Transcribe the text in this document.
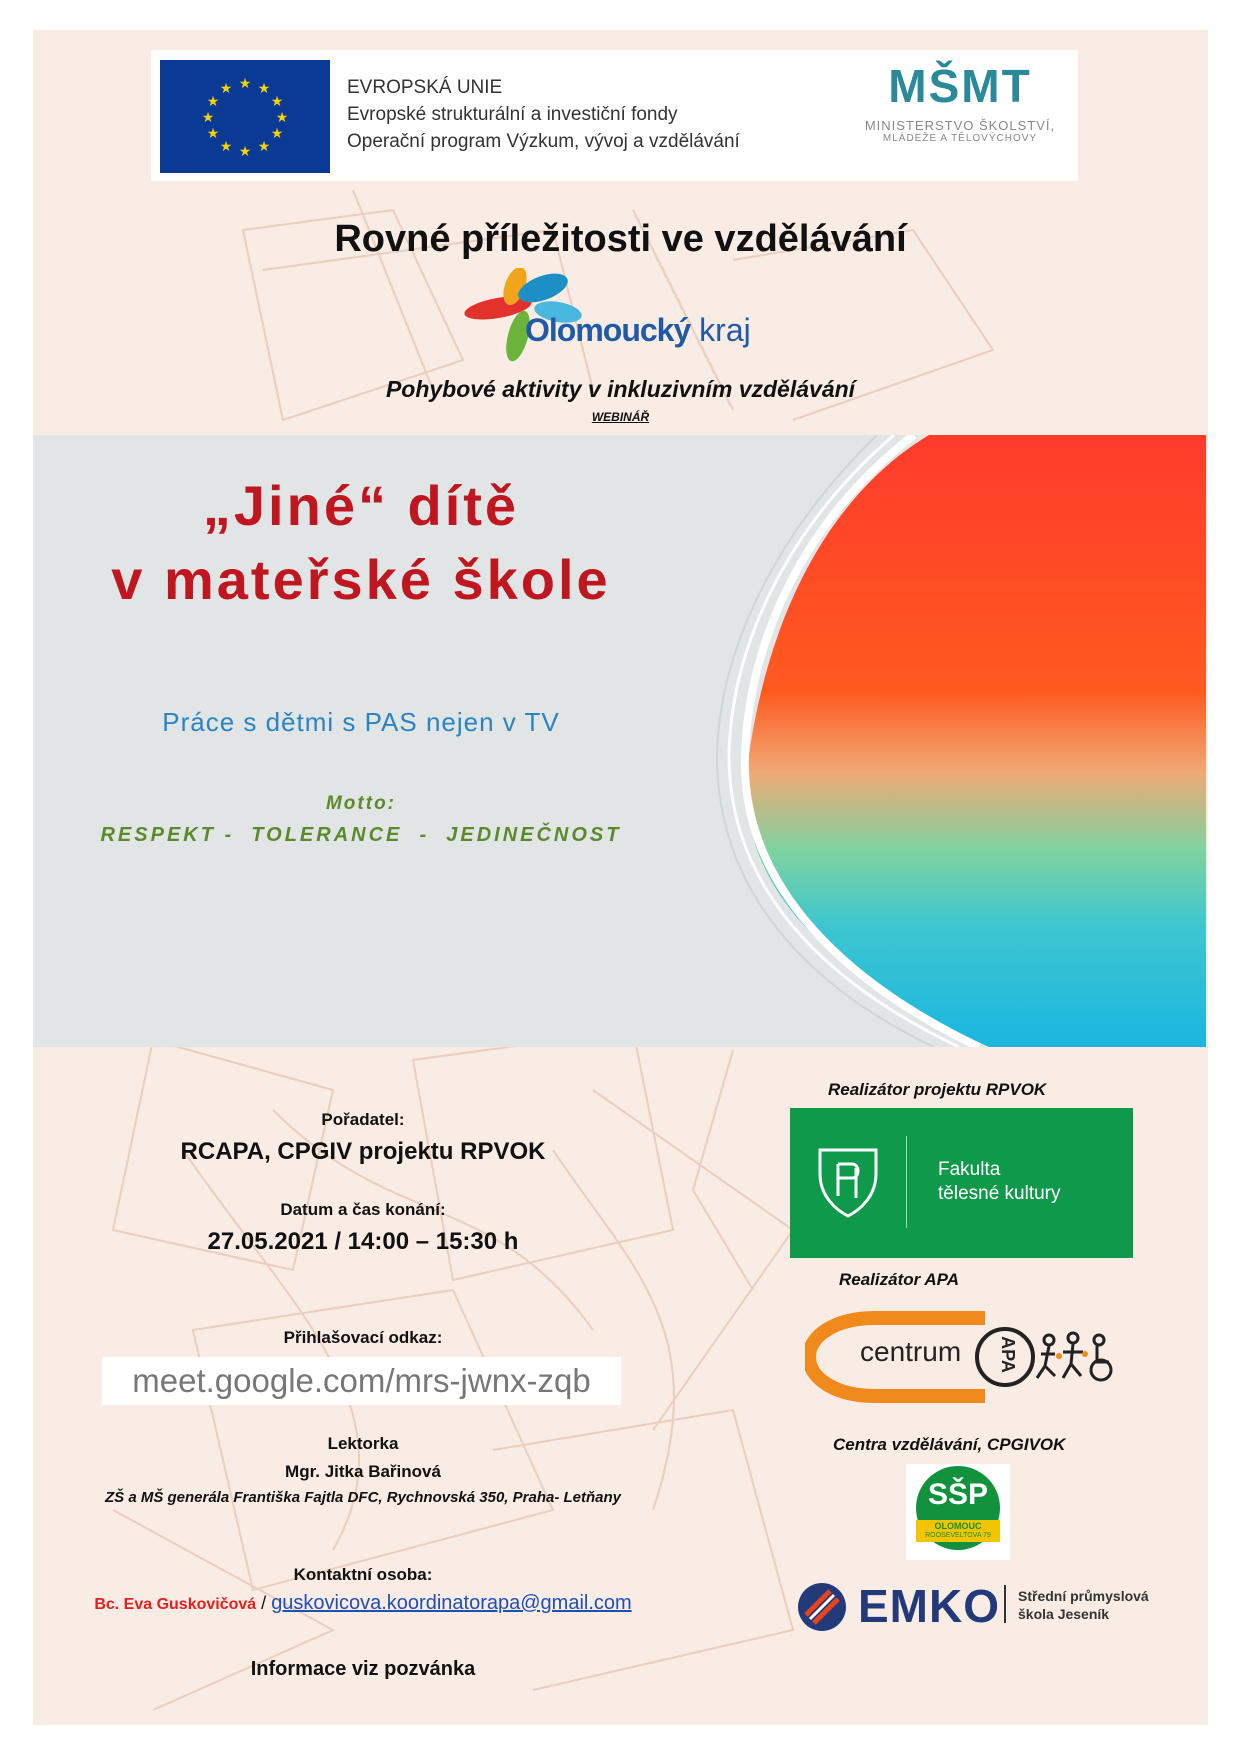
★ ★
★
★
★
★
★
★
★
★
★
★	EVROPSKÁ UNIE
Evropské strukturální a investiční fondy
Operační program Výzkum, vývoj a vzdělávání
MŠMT
MINISTERSTVO ŠKOLSTVÍ,
MLÁDEŽE A TĚLOVÝCHOVY
Rovné příležitosti ve vzdělávání
Olomoucký kraj
Pohybové aktivity v inkluzivním vzdělávání
WEBINÁŘ
„Jiné“ dítě
v mateřské škole
Práce s dětmi s PAS nejen v TV
Motto:
RESPEKT -  TOLERANCE  -  JEDINEČNOST
Pořadatel:
RCAPA, CPGIV projektu RPVOK
Datum a čas konání:
27.05.2021 / 14:00 – 15:30 h
Přihlašovací odkaz:
meet.google.com/mrs-jwnx-zqb
Lektorka
Mgr. Jitka Bařinová
ZŠ a MŠ generála Františka Fajtla DFC, Rychnovská 350, Praha- Letňany
Kontaktní osoba:
Bc. Eva Guskovičová / guskovicova.koordinatorapa@gmail.com
Informace viz pozvánka
Realizátor projektu RPVOK
Fakulta
tělesné kultury
Realizátor APA
centrum APA
Centra vzdělávání, CPGIVOK
SŠP
OLOMOUC
ROOSEVELTOVA 79
EMKO Střední průmyslová
škola Jeseník
